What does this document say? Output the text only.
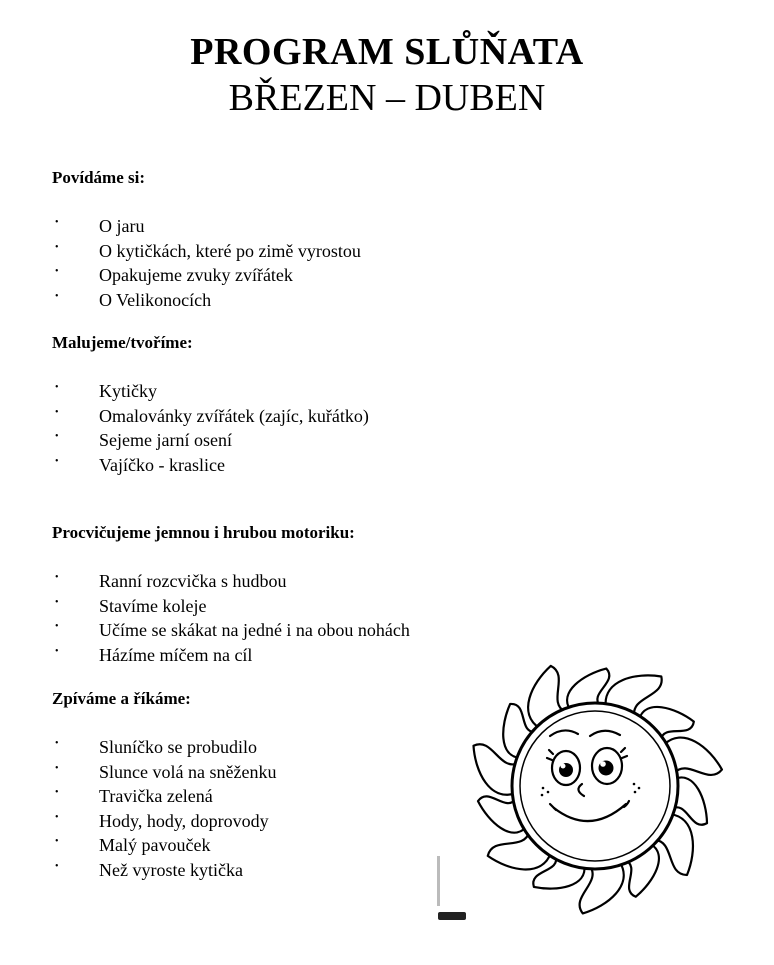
PROGRAM SLŮŇATA
BŘEZEN – DUBEN

Povídáme si:

• O jaru
• O kytičkách, které po zimě vyrostou
• Opakujeme zvuky zvířátek
• O Velikonocích

Malujeme/tvoříme:

• Kytičky
• Omalovánky zvířátek (zajíc, kuřátko)
• Sejeme jarní osení
• Vajíčko - kraslice

Procvičujeme jemnou i hrubou motoriku:

• Ranní rozcvička s hudbou
• Stavíme koleje
• Učíme se skákat na jedné i na obou nohách
• Házíme míčem na cíl

Zpíváme a říkáme:

• Sluníčko se probudilo
• Slunce volá na sněženku
• Travička zelená
• Hody, hody, doprovody
• Malý pavouček
• Než vyroste kytička
